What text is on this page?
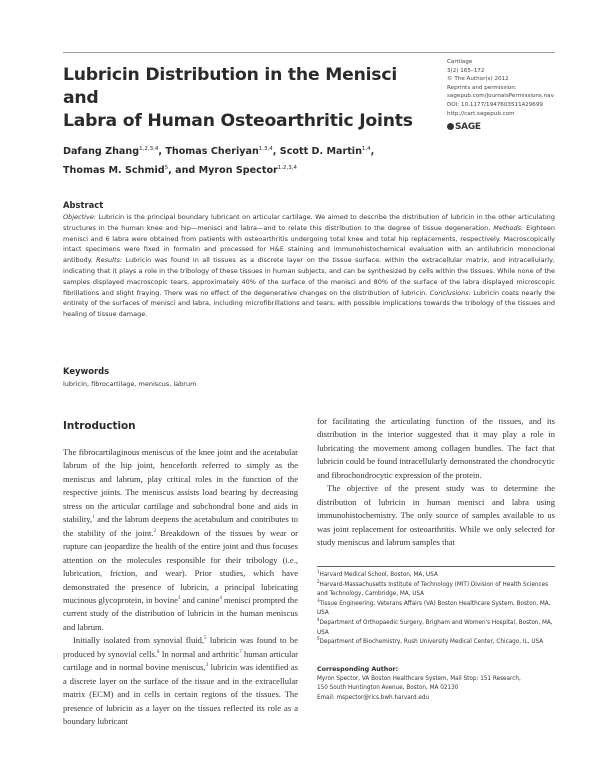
Lubricin Distribution in the Menisci and
Labra of Human Osteoarthritic Joints
Cartilage
3(2) 165–172
© The Author(s) 2012
Reprints and permission:
sagepub.com/journalsPermissions.nav
DOI: 10.1177/1947603511429699
http://cart.sagepub.com
SAGE
Dafang Zhang$^{1,2,3,4}$, Thomas Cheriyan$^{1,3,4}$, Scott D. Martin$^{1,4}$,
Thomas M. Schmid$^5$, and Myron Spector$^{1,2,3,4}$
Abstract
Objective: Lubricin is the principal boundary lubricant on articular cartilage. We aimed to describe the distribution of lubricin in the other articulating structures in the human knee and hip—menisci and labra—and to relate this distribution to the degree of tissue degeneration. Methods: Eighteen menisci and 6 labra were obtained from patients with osteoarthritis undergoing total knee and total hip replacements, respectively. Macroscopically intact specimens were fixed in formalin and processed for H&E staining and immunohistochemical evaluation with an antilubricin monoclonal antibody. Results: Lubricin was found in all tissues as a discrete layer on the tissue surface, within the extracellular matrix, and intracellularly, indicating that it plays a role in the tribology of these tissues in human subjects, and can be synthesized by cells within the tissues. While none of the samples displayed macroscopic tears, approximately 40% of the surface of the menisci and 80% of the surface of the labra displayed microscopic fibrillations and slight fraying. There was no effect of the degenerative changes on the distribution of lubricin. Conclusions: Lubricin coats nearly the entirety of the surfaces of menisci and labra, including microfibrillations and tears, with possible implications towards the tribology of the tissues and healing of tissue damage.
Keywords
lubricin, fibrocartilage, meniscus, labrum
Introduction

The fibrocartilaginous meniscus of the knee joint and the acetabular labrum of the hip joint, henceforth referred to simply as the meniscus and labrum, play critical roles in the function of the respective joints. The meniscus assists load bearing by decreasing stress on the articular cartilage and subchondral bone and aids in stability,$^1$ and the labrum deepens the acetabulum and contributes to the stability of the joint.$^2$ Breakdown of the tissues by wear or rupture can jeopardize the health of the entire joint and thus focuses attention on the molecules responsible for their tribology (i.e., lubrication, friction, and wear). Prior studies, which have demonstrated the presence of lubricin, a principal lubricating mucinous glycoprotein, in bovine$^3$ and canine$^4$ menisci prompted the current study of the distribution of lubricin in the human meniscus and labrum.

Initially isolated from synovial fluid,$^5$ lubricin was found to be produced by synovial cells.$^6$ In normal and arthritic$^7$ human articular cartilage and in normal bovine meniscus,$^3$ lubricin was identified as a discrete layer on the surface of the tissue and in the extracellular matrix (ECM) and in cells in certain regions of the tissues. The presence of lubricin as a layer on the tissues reflected its role as a boundary lubricant

for facilitating the articulating function of the tissues, and its distribution in the interior suggested that it may play a role in lubricating the movement among collagen bundles. The fact that lubricin could be found intracellularly demonstrated the chondrocytic and fibrochondrocytic expression of the protein.

The objective of the present study was to determine the distribution of lubricin in human menisci and labra using immunohistochemistry. The only source of samples available to us was joint replacement for osteoarthritis. While we only selected for study meniscus and labrum samples that

$^1$Harvard Medical School, Boston, MA, USA

$^2$Harvard-Massachusetts Institute of Technology (MIT) Division of Health Sciences and Technology, Cambridge, MA, USA

$^3$Tissue Engineering, Veterans Affairs (VA) Boston Healthcare System, Boston, MA, USA

$^4$Department of Orthopaedic Surgery, Brigham and Women's Hospital, Boston, MA, USA

$^5$Department of Biochemistry, Rush University Medical Center, Chicago, IL, USA

Corresponding Author:

Myron Spector, VA Boston Healthcare System, Mail Stop: 151 Research,

150 South Huntington Avenue, Boston, MA 02130

Email: mspector@rics.bwh.harvard.edu
